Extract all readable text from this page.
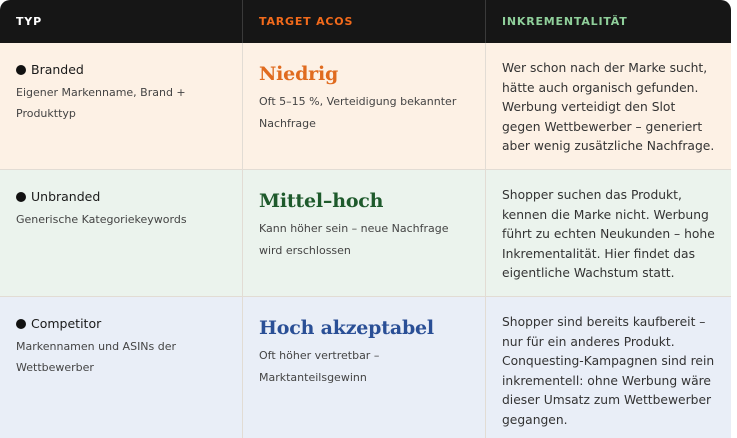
TYP	TARGET ACOS	INKREMENTALITÄT
Branded
Eigener Markenname, Brand + Produkttyp
Niedrig
Oft 5–15 %, Verteidigung bekannter Nachfrage
Wer schon nach der Marke sucht, hätte auch organisch gefunden. Werbung verteidigt den Slot gegen Wettbewerber – generiert aber wenig zusätzliche Nachfrage.
Unbranded
Generische Kategoriekeywords
Mittel–hoch
Kann höher sein – neue Nachfrage wird erschlossen
Shopper suchen das Produkt, kennen die Marke nicht. Werbung führt zu echten Neukunden – hohe Inkrementalität. Hier findet das eigentliche Wachstum statt.
Competitor
Markennamen und ASINs der Wettbewerber
Hoch akzeptabel
Oft höher vertretbar – Marktanteilsgewinn
Shopper sind bereits kaufbereit – nur für ein anderes Produkt. Conquesting-Kampagnen sind rein inkrementell: ohne Werbung wäre dieser Umsatz zum Wettbewerber gegangen.
